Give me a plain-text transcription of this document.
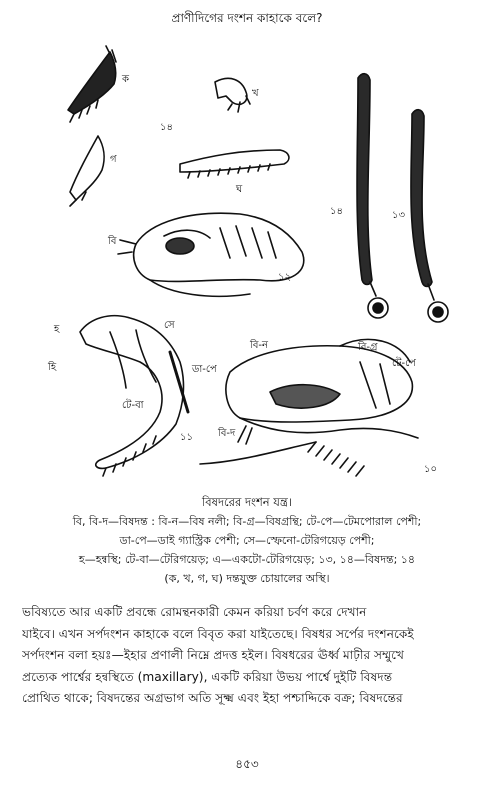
প্রাণীদিগের দংশন কাহাকে বলে?
ক
খ
গ
ঘ
১৪
১৪	১৩
১২
১১
১০
বি
হ
হি
সে
ডা-পে
টে-বা
বি-ন	বি-গ্র
টে-পে
বি-দ
বিষদরের দংশন যন্ত্র।
বি, বি-দ—বিষদন্ত : বি-ন—বিষ নলী; বি-গ্র—বিষগ্রন্থি; টে-পে—টেমপোরাল পেশী;
ডা-পে—ডাই গ্যাস্ট্রিক পেশী; সে—স্ফেনো-টেরিগয়েড় পেশী;
হ—হন্বস্থি; টে-বা—টেরিগয়েড়; এ—একটো-টেরিগয়েড়; ১৩, ১৪—বিষদন্ত; ১৪
(ক, খ, গ, ঘ) দন্তযুক্ত চোয়ালের অস্থি।
ভবিষ্যতে আর একটি প্রবন্ধে রোমন্থনকারী কেমন করিয়া চর্বণ করে দেখান
যাইবে। এখন সর্পদংশন কাহাকে বলে বিবৃত করা যাইতেছে। বিষধর সর্পের দংশনকেই
সর্পদংশন বলা হয়ঃ—ইহার প্রণালী নিম্নে প্রদত্ত হইল। বিষধরের ঊর্ধ্ব মাঢ়ীর সম্মুখে
প্রত্যেক পার্শ্বের হন্বস্থিতে (maxillary), একটি করিয়া উভয় পার্শ্বে দুইটি বিষদন্ত
প্রোথিত থাকে; বিষদন্তের অগ্রভাগ অতি সূক্ষ্ম এবং ইহা পশ্চাদ্দিকে বক্র; বিষদন্তের
৪৫৩
